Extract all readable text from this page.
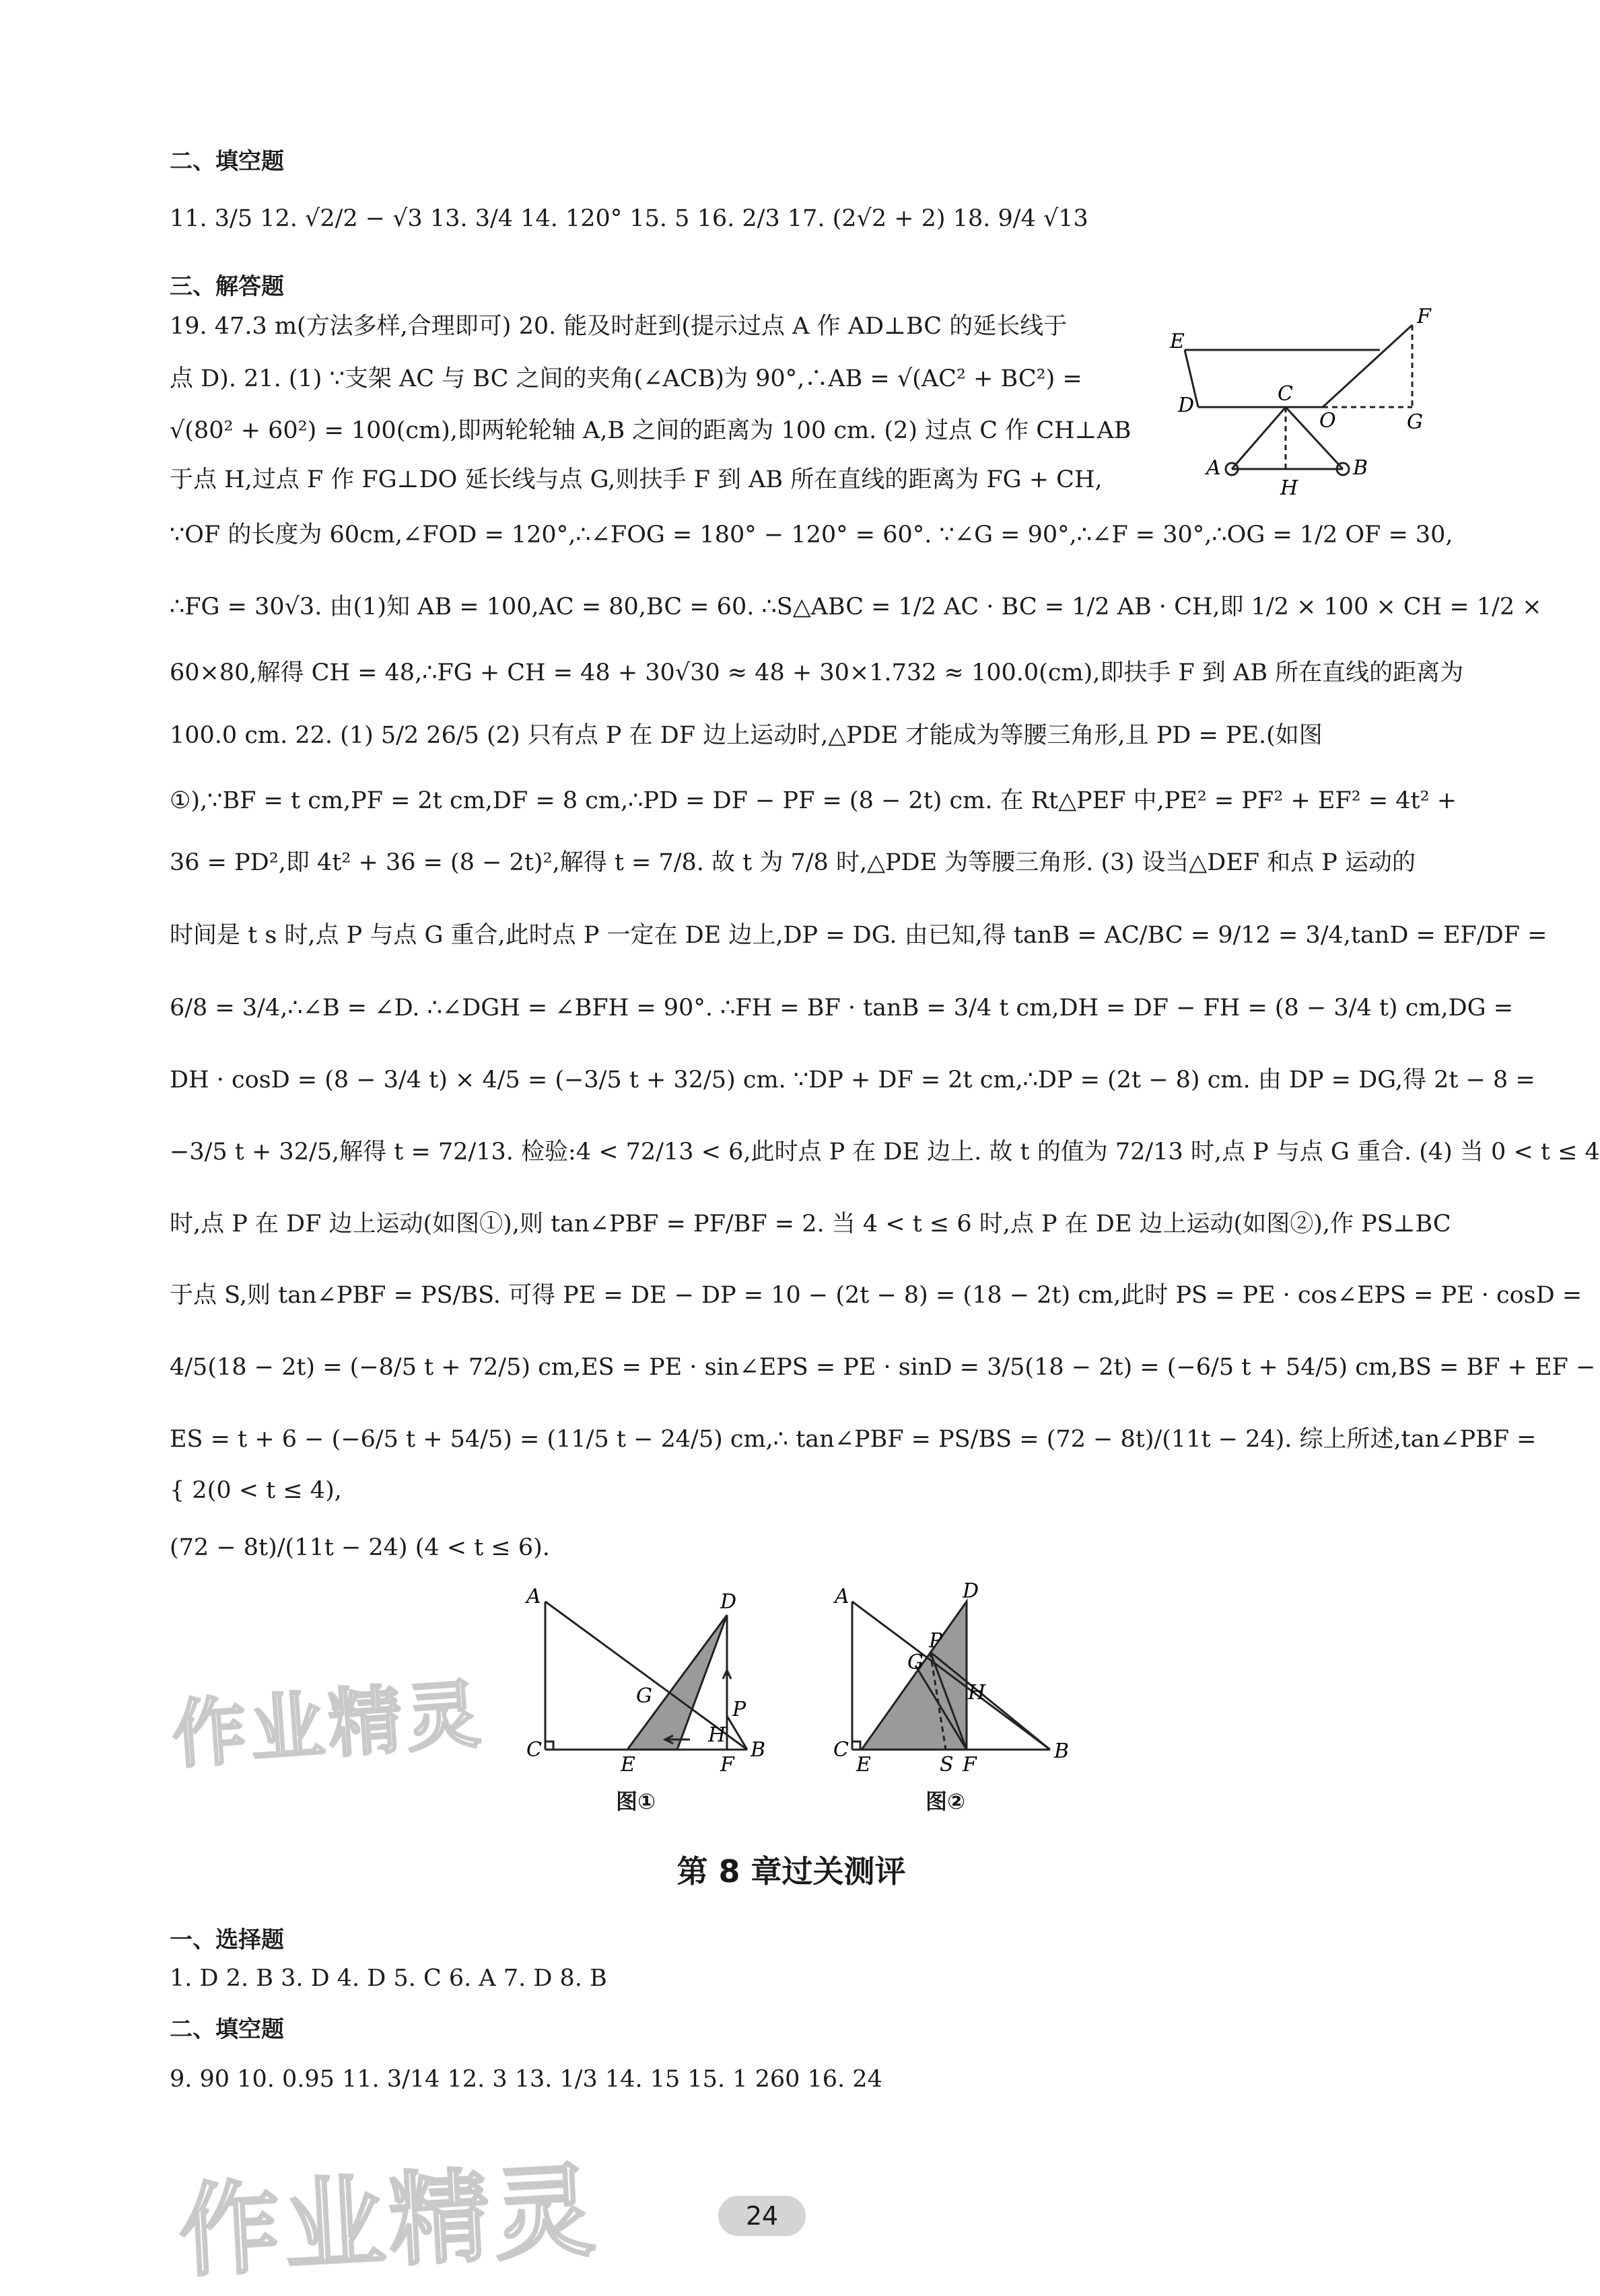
二、填空题
11. 3/5 12. √2/2 − √3 13. 3/4 14. 120° 15. 5 16. 2/3 17. (2√2 + 2) 18. 9/4 √13
三、解答题
19. 47.3 m(方法多样,合理即可) 20. 能及时赶到(提示过点 A 作 AD⊥BC 的延长线于
点 D). 21. (1) ∵支架 AC 与 BC 之间的夹角(∠ACB)为 90°,∴AB = √(AC² + BC²) =
√(80² + 60²) = 100(cm),即两轮轮轴 A,B 之间的距离为 100 cm. (2) 过点 C 作 CH⊥AB
于点 H,过点 F 作 FG⊥DO 延长线与点 G,则扶手 F 到 AB 所在直线的距离为 FG + CH,
∵OF 的长度为 60cm,∠FOD = 120°,∴∠FOG = 180° − 120° = 60°. ∵∠G = 90°,∴∠F = 30°,∴OG = 1/2 OF = 30,
∴FG = 30√3. 由(1)知 AB = 100,AC = 80,BC = 60. ∴S△ABC = 1/2 AC · BC = 1/2 AB · CH,即 1/2 × 100 × CH = 1/2 ×
60×80,解得 CH = 48,∴FG + CH = 48 + 30√30 ≈ 48 + 30×1.732 ≈ 100.0(cm),即扶手 F 到 AB 所在直线的距离为
100.0 cm. 22. (1) 5/2 26/5 (2) 只有点 P 在 DF 边上运动时,△PDE 才能成为等腰三角形,且 PD = PE.(如图
①),∵BF = t cm,PF = 2t cm,DF = 8 cm,∴PD = DF − PF = (8 − 2t) cm. 在 Rt△PEF 中,PE² = PF² + EF² = 4t² +
36 = PD²,即 4t² + 36 = (8 − 2t)²,解得 t = 7/8. 故 t 为 7/8 时,△PDE 为等腰三角形. (3) 设当△DEF 和点 P 运动的
时间是 t s 时,点 P 与点 G 重合,此时点 P 一定在 DE 边上,DP = DG. 由已知,得 tanB = AC/BC = 9/12 = 3/4,tanD = EF/DF =
6/8 = 3/4,∴∠B = ∠D. ∴∠DGH = ∠BFH = 90°. ∴FH = BF · tanB = 3/4 t cm,DH = DF − FH = (8 − 3/4 t) cm,DG =
DH · cosD = (8 − 3/4 t) × 4/5 = (−3/5 t + 32/5) cm. ∵DP + DF = 2t cm,∴DP = (2t − 8) cm. 由 DP = DG,得 2t − 8 =
−3/5 t + 32/5,解得 t = 72/13. 检验:4 < 72/13 < 6,此时点 P 在 DE 边上. 故 t 的值为 72/13 时,点 P 与点 G 重合. (4) 当 0 < t ≤ 4
时,点 P 在 DF 边上运动(如图①),则 tan∠PBF = PF/BF = 2. 当 4 < t ≤ 6 时,点 P 在 DE 边上运动(如图②),作 PS⊥BC
于点 S,则 tan∠PBF = PS/BS. 可得 PE = DE − DP = 10 − (2t − 8) = (18 − 2t) cm,此时 PS = PE · cos∠EPS = PE · cosD =
4/5(18 − 2t) = (−8/5 t + 72/5) cm,ES = PE · sin∠EPS = PE · sinD = 3/5(18 − 2t) = (−6/5 t + 54/5) cm,BS = BF + EF −
ES = t + 6 − (−6/5 t + 54/5) = (11/5 t − 24/5) cm,∴ tan∠PBF = PS/BS = (72 − 8t)/(11t − 24). 综上所述,tan∠PBF =
{ 2(0 < t ≤ 4),
(72 − 8t)/(11t − 24) (4 < t ≤ 6).
E
F
D	C
O	G
A
H
B
A	D
G
P
C
E
H
F
B
图①
A	D
P
G
H
C
E	S F
B
图②
作业精灵
作业精灵
第 8 章过关测评
一、选择题
1. D 2. B 3. D 4. D 5. C 6. A 7. D 8. B
二、填空题
9. 90 10. 0.95 11. 3/14 12. 3 13. 1/3 14. 15 15. 1 260 16. 24
24
